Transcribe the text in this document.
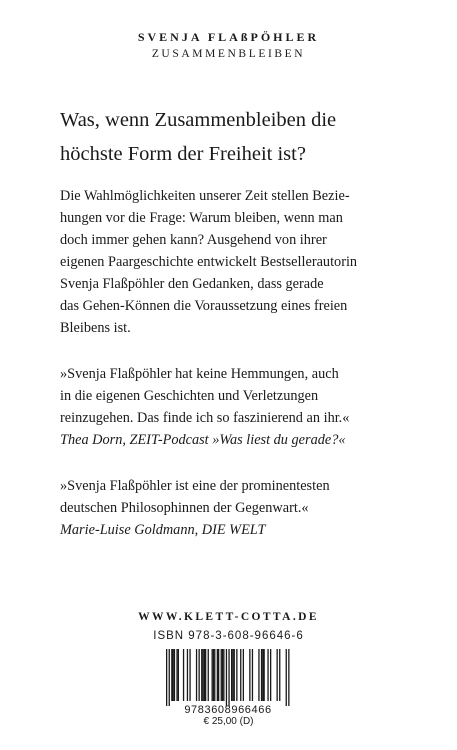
SVENJA FLAßPÖHLER
ZUSAMMENBLEIBEN
Was, wenn Zusammenbleiben die
höchste Form der Freiheit ist?
Die Wahlmöglichkeiten unserer Zeit stellen Bezie-
hungen vor die Frage: Warum bleiben, wenn man
doch immer gehen kann? Ausgehend von ihrer
eigenen Paargeschichte entwickelt Bestsellerautorin
Svenja Flaßpöhler den Gedanken, dass gerade
das Gehen-Können die Voraussetzung eines freien
Bleibens ist.
»Svenja Flaßpöhler hat keine Hemmungen, auch
in die eigenen Geschichten und Verletzungen
reinzugehen. Das finde ich so faszinierend an ihr.«
Thea Dorn, ZEIT-Podcast »Was liest du gerade?«
»Svenja Flaßpöhler ist eine der prominentesten
deutschen Philosophinnen der Gegenwart.«
Marie-Luise Goldmann, DIE WELT
WWW.KLETT-COTTA.DE
ISBN 978-3-608-96646-6
9783608966466
€ 25,00 (D)
